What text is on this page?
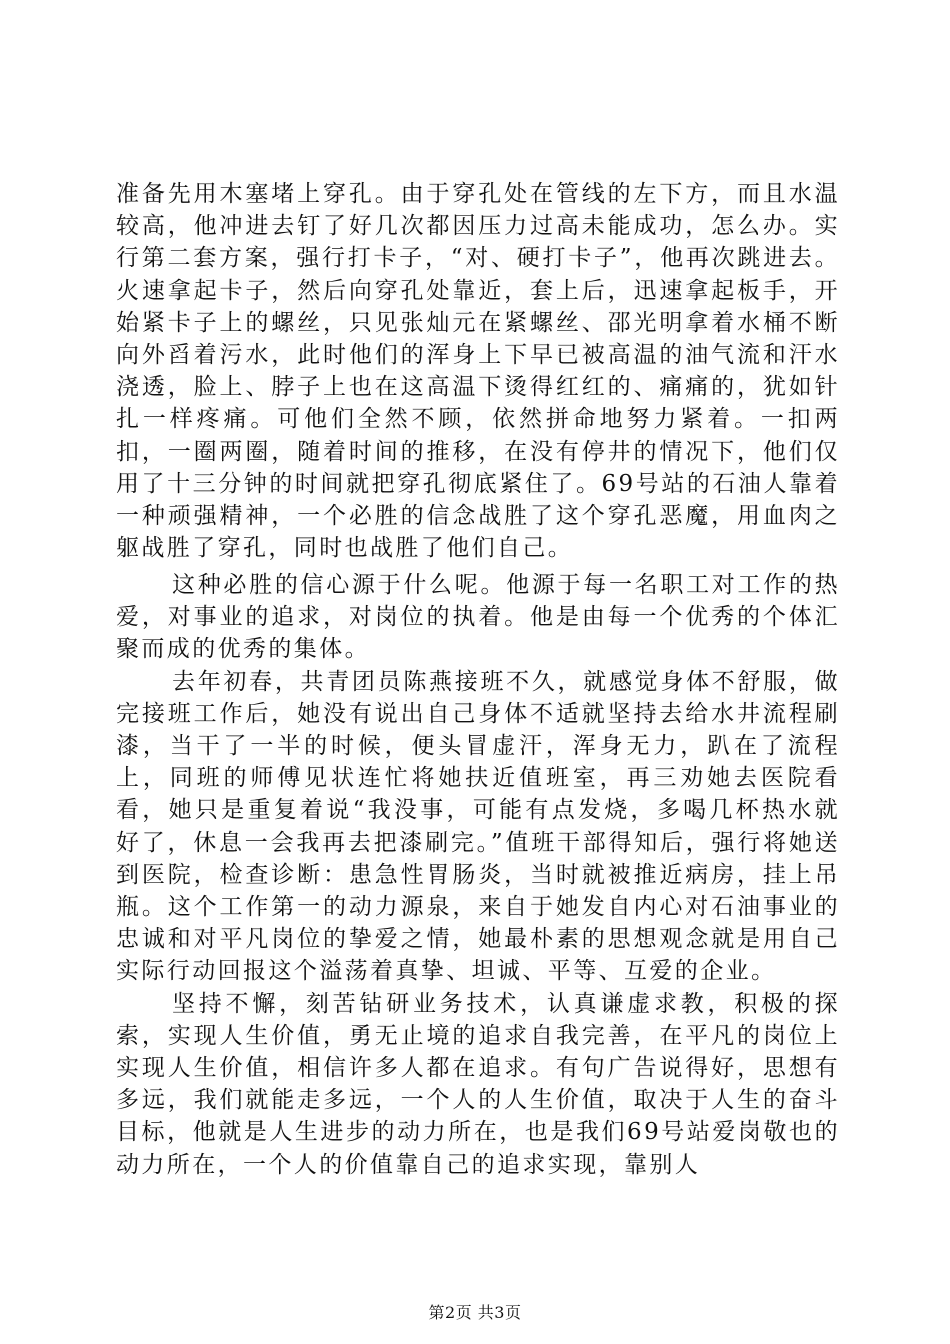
准备先用木塞堵上穿孔。由于穿孔处在管线的左下方，而且水温较高，他冲进去钉了好几次都因压力过高未能成功，怎么办。实行第二套方案，强行打卡子，“对、硬打卡子”，他再次跳进去。火速拿起卡子，然后向穿孔处靠近，套上后，迅速拿起板手，开始紧卡子上的螺丝，只见张灿元在紧螺丝、邵光明拿着水桶不断向外舀着污水，此时他们的浑身上下早已被高温的油气流和汗水浇透，脸上、脖子上也在这高温下烫得红红的、痛痛的，犹如针扎一样疼痛。可他们全然不顾，依然拼命地努力紧着。一扣两扣，一圈两圈，随着时间的推移，在没有停井的情况下，他们仅用了十三分钟的时间就把穿孔彻底紧住了。69号站的石油人靠着一种顽强精神，一个必胜的信念战胜了这个穿孔恶魔，用血肉之躯战胜了穿孔，同时也战胜了他们自己。

这种必胜的信心源于什么呢。他源于每一名职工对工作的热爱，对事业的追求，对岗位的执着。他是由每一个优秀的个体汇聚而成的优秀的集体。

去年初春，共青团员陈燕接班不久，就感觉身体不舒服，做完接班工作后，她没有说出自己身体不适就坚持去给水井流程刷漆，当干了一半的时候，便头冒虚汗，浑身无力，趴在了流程上，同班的师傅见状连忙将她扶近值班室，再三劝她去医院看看，她只是重复着说“我没事，可能有点发烧，多喝几杯热水就好了，休息一会我再去把漆刷完。”值班干部得知后，强行将她送到医院，检查诊断：患急性胃肠炎，当时就被推近病房，挂上吊瓶。这个工作第一的动力源泉，来自于她发自内心对石油事业的忠诚和对平凡岗位的挚爱之情，她最朴素的思想观念就是用自己实际行动回报这个溢荡着真挚、坦诚、平等、互爱的企业。

坚持不懈，刻苦钻研业务技术，认真谦虚求教，积极的探索，实现人生价值，勇无止境的追求自我完善，在平凡的岗位上实现人生价值，相信许多人都在追求。有句广告说得好，思想有多远，我们就能走多远，一个人的人生价值，取决于人生的奋斗目标，他就是人生进步的动力所在，也是我们69号站爱岗敬也的动力所在，一个人的价值靠自己的追求实现，靠别人

第2页 共3页
